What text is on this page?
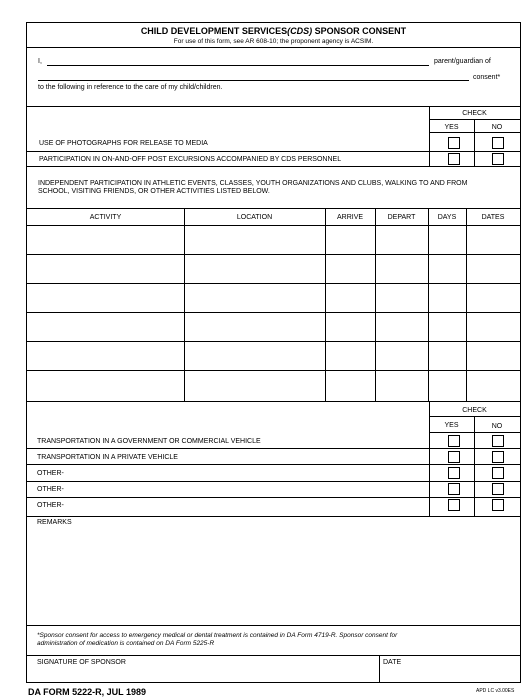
CHILD DEVELOPMENT SERVICES(CDS) SPONSOR CONSENT
For use of this form, see AR 608-10; the proponent agency is ACSIM.
I,	parent/guardian of
consent*
to the following in reference to the care of my child/children.
CHECK
YES	NO
USE OF PHOTOGRAPHS FOR RELEASE TO MEDIA
PARTICIPATION IN ON-AND-OFF POST EXCURSIONS ACCOMPANIED BY CDS PERSONNEL
INDEPENDENT PARTICIPATION IN ATHLETIC EVENTS, CLASSES, YOUTH ORGANIZATIONS AND CLUBS, WALKING TO AND FROM
SCHOOL, VISITING FRIENDS, OR OTHER ACTIVITIES LISTED BELOW.
ACTIVITY	LOCATION	ARRIVE	DEPART	DAYS	DATES
CHECK
YES	NO
TRANSPORTATION IN A GOVERNMENT OR COMMERCIAL VEHICLE
TRANSPORTATION IN A PRIVATE VEHICLE
OTHER-
OTHER-
OTHER-
REMARKS
*Sponsor consent for access to emergency medical or dental treatment is contained in DA Form 4719-R. Sponsor consent for
administration of medication is contained on DA Form 5225-R
SIGNATURE OF SPONSOR	DATE
DA FORM 5222-R, JUL 1989	APD LC v3.00ES
